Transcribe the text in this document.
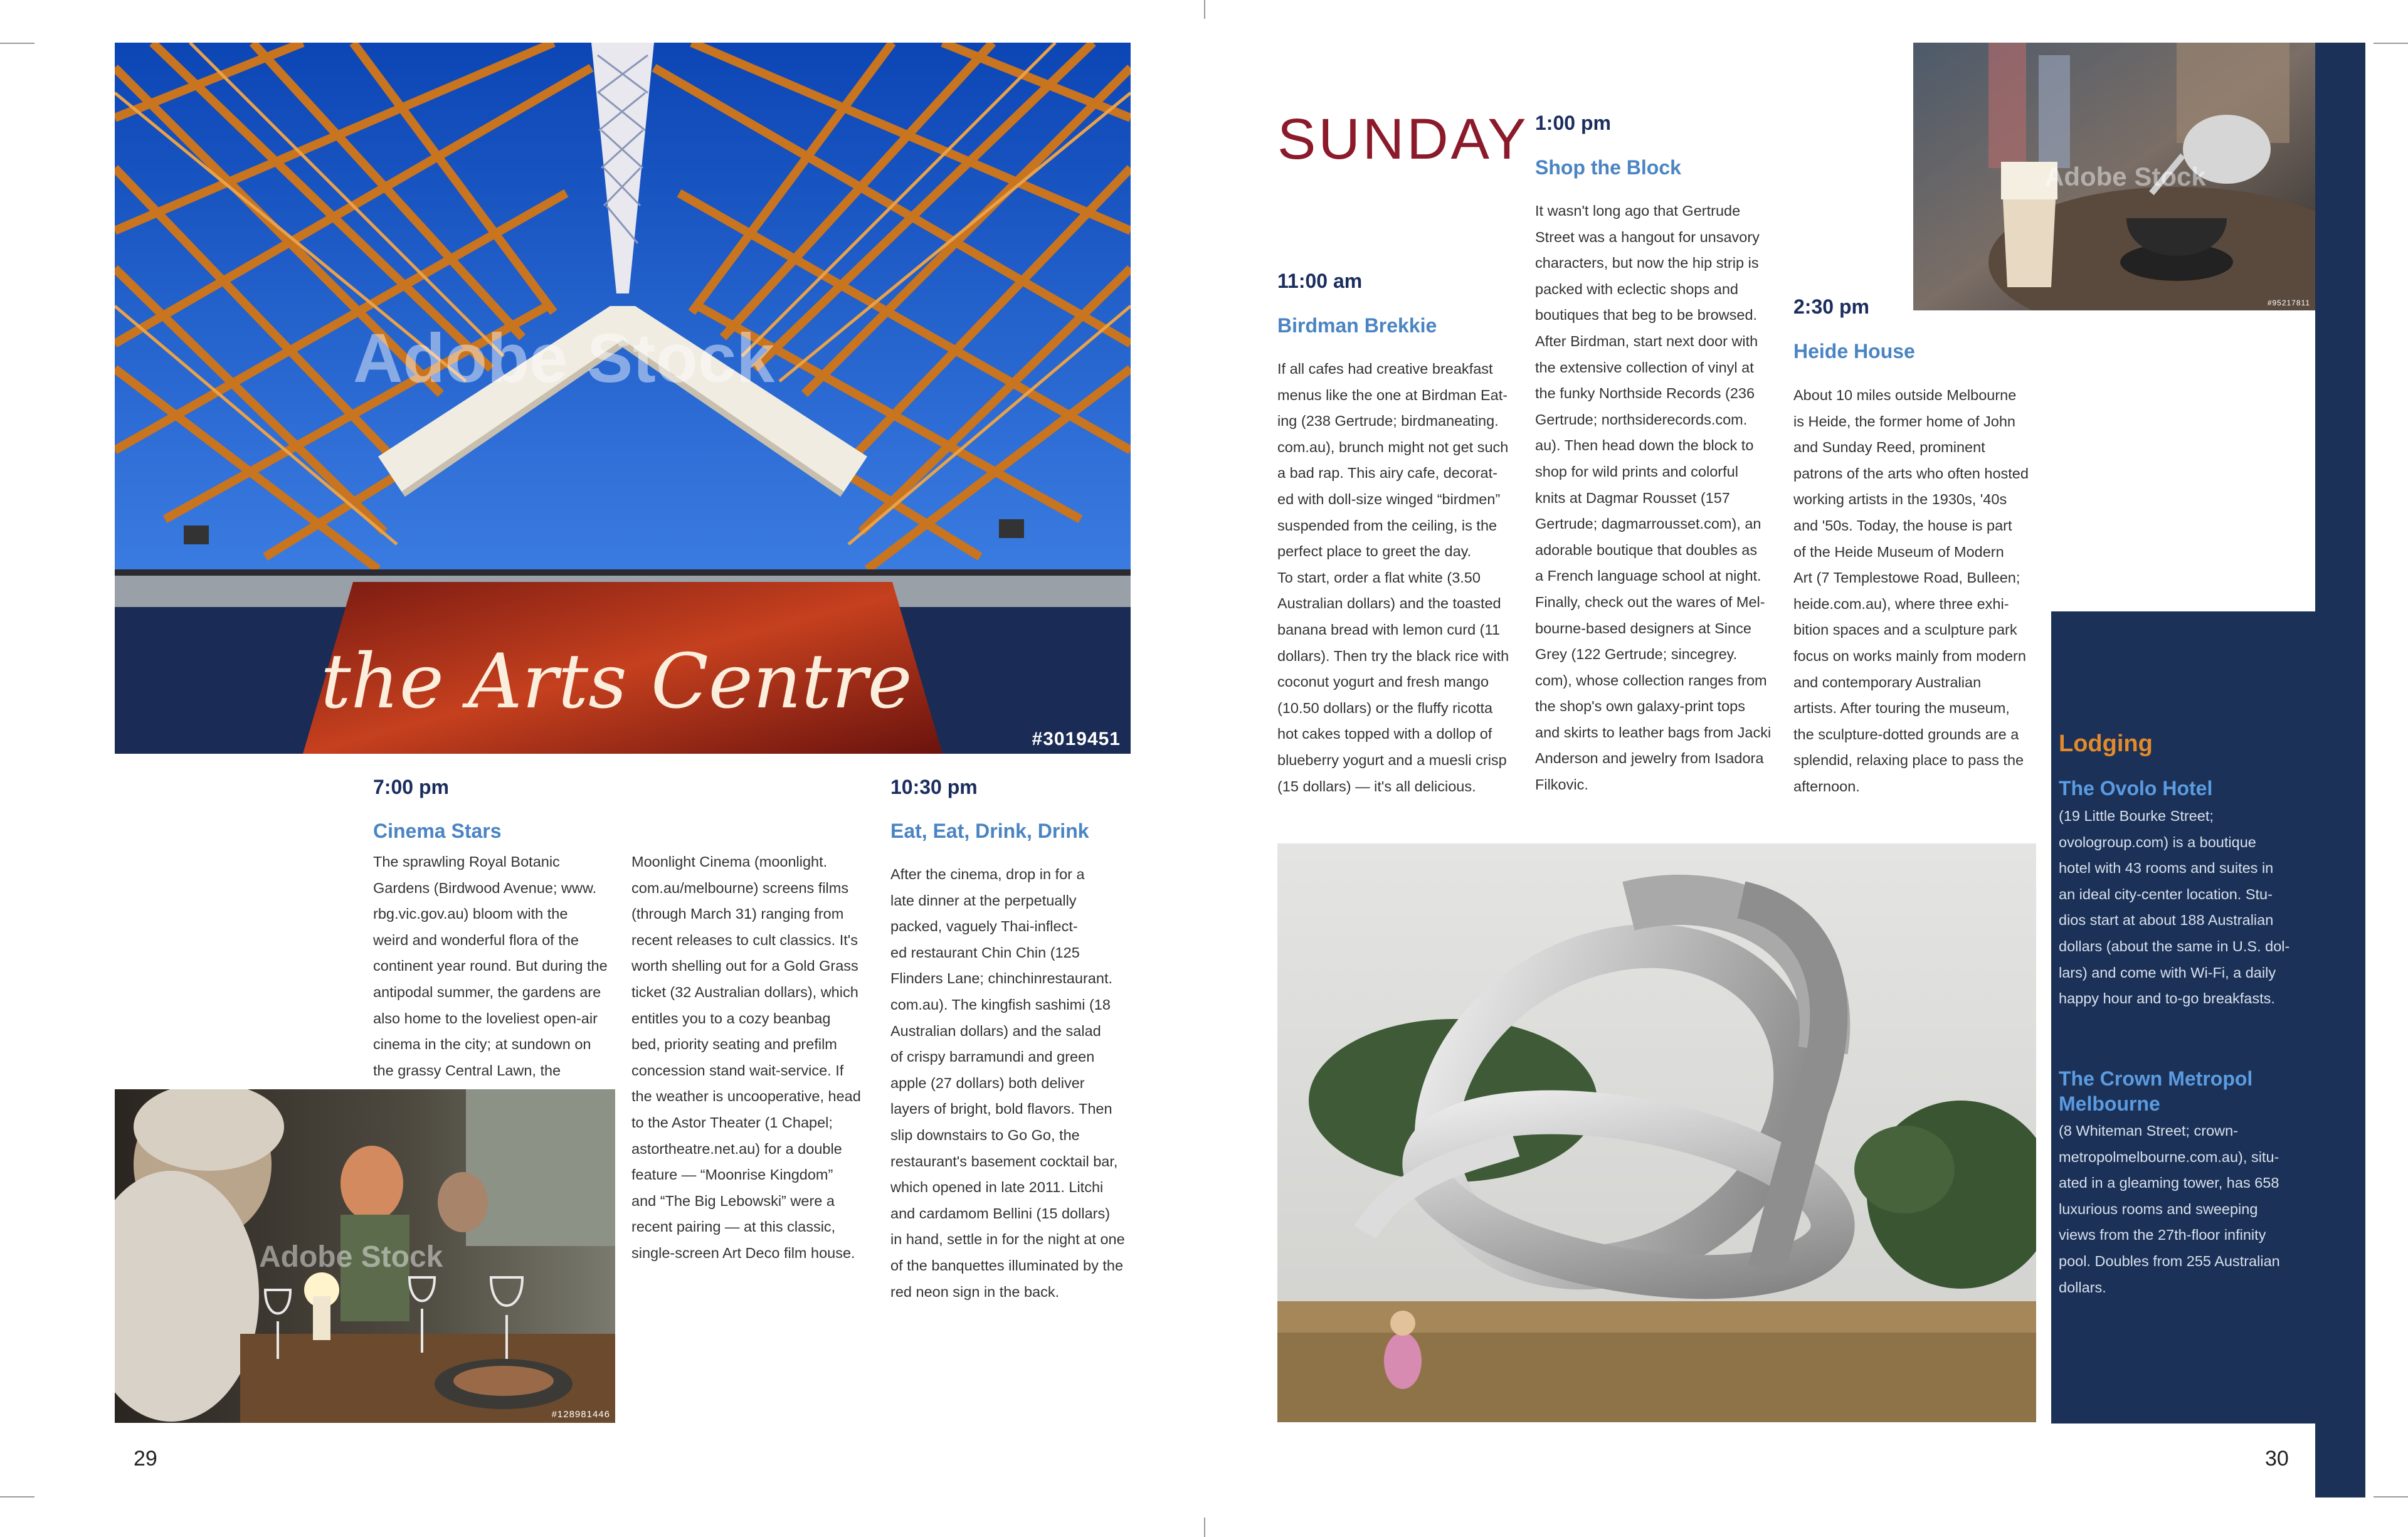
the Arts Centre
Adobe Stock
#3019451
Adobe Stock
#128981446
7:00 pm
Cinema Stars
The sprawling Royal Botanic
Gardens (Birdwood Avenue; www.
rbg.vic.gov.au) bloom with the
weird and wonderful flora of the
continent year round. But during the
antipodal summer, the gardens are
also home to the loveliest open-air
cinema in the city; at sundown on
the grassy Central Lawn, the
Moonlight Cinema (moonlight.
com.au/melbourne) screens films
(through March 31) ranging from
recent releases to cult classics. It's
worth shelling out for a Gold Grass
ticket (32 Australian dollars), which
entitles you to a cozy beanbag
bed, priority seating and prefilm
concession stand wait-service. If
the weather is uncooperative, head
to the Astor Theater (1 Chapel;
astortheatre.net.au) for a double
feature — “Moonrise Kingdom”
and “The Big Lebowski” were a
recent pairing — at this classic,
single-screen Art Deco film house.
10:30 pm
Eat, Eat, Drink, Drink
After the cinema, drop in for a
late dinner at the perpetually
packed, vaguely Thai-inflect-
ed restaurant Chin Chin (125
Flinders Lane; chinchinrestaurant.
com.au). The kingfish sashimi (18
Australian dollars) and the salad
of crispy barramundi and green
apple (27 dollars) both deliver
layers of bright, bold flavors. Then
slip downstairs to Go Go, the
restaurant's basement cocktail bar,
which opened in late 2011. Litchi
and cardamom Bellini (15 dollars)
in hand, settle in for the night at one
of the banquettes illuminated by the
red neon sign in the back.
29
SUNDAY
Adobe Stock
#95217811
11:00 am
Birdman Brekkie
If all cafes had creative breakfast
menus like the one at Birdman Eat-
ing (238 Gertrude; birdmaneating.
com.au), brunch might not get such
a bad rap. This airy cafe, decorat-
ed with doll-size winged “birdmen”
suspended from the ceiling, is the
perfect place to greet the day.
To start, order a flat white (3.50
Australian dollars) and the toasted
banana bread with lemon curd (11
dollars). Then try the black rice with
coconut yogurt and fresh mango
(10.50 dollars) or the fluffy ricotta
hot cakes topped with a dollop of
blueberry yogurt and a muesli crisp
(15 dollars) — it's all delicious.
1:00 pm
Shop the Block
It wasn't long ago that Gertrude
Street was a hangout for unsavory
characters, but now the hip strip is
packed with eclectic shops and
boutiques that beg to be browsed.
After Birdman, start next door with
the extensive collection of vinyl at
the funky Northside Records (236
Gertrude; northsiderecords.com.
au). Then head down the block to
shop for wild prints and colorful
knits at Dagmar Rousset (157
Gertrude; dagmarrousset.com), an
adorable boutique that doubles as
a French language school at night.
Finally, check out the wares of Mel-
bourne-based designers at Since
Grey (122 Gertrude; sincegrey.
com), whose collection ranges from
the shop's own galaxy-print tops
and skirts to leather bags from Jacki
Anderson and jewelry from Isadora
Filkovic.
2:30 pm
Heide House
About 10 miles outside Melbourne
is Heide, the former home of John
and Sunday Reed, prominent
patrons of the arts who often hosted
working artists in the 1930s, '40s
and '50s. Today, the house is part
of the Heide Museum of Modern
Art (7 Templestowe Road, Bulleen;
heide.com.au), where three exhi-
bition spaces and a sculpture park
focus on works mainly from modern
and contemporary Australian
artists. After touring the museum,
the sculpture-dotted grounds are a
splendid, relaxing place to pass the
afternoon.
Lodging
The Ovolo Hotel
(19 Little Bourke Street;
ovologroup.com) is a boutique
hotel with 43 rooms and suites in
an ideal city-center location. Stu-
dios start at about 188 Australian
dollars (about the same in U.S. dol-
lars) and come with Wi-Fi, a daily
happy hour and to-go breakfasts.
The Crown Metropol
Melbourne
(8 Whiteman Street; crown-
metropolmelbourne.com.au), situ-
ated in a gleaming tower, has 658
luxurious rooms and sweeping
views from the 27th-floor infinity
pool. Doubles from 255 Australian
dollars.
30
